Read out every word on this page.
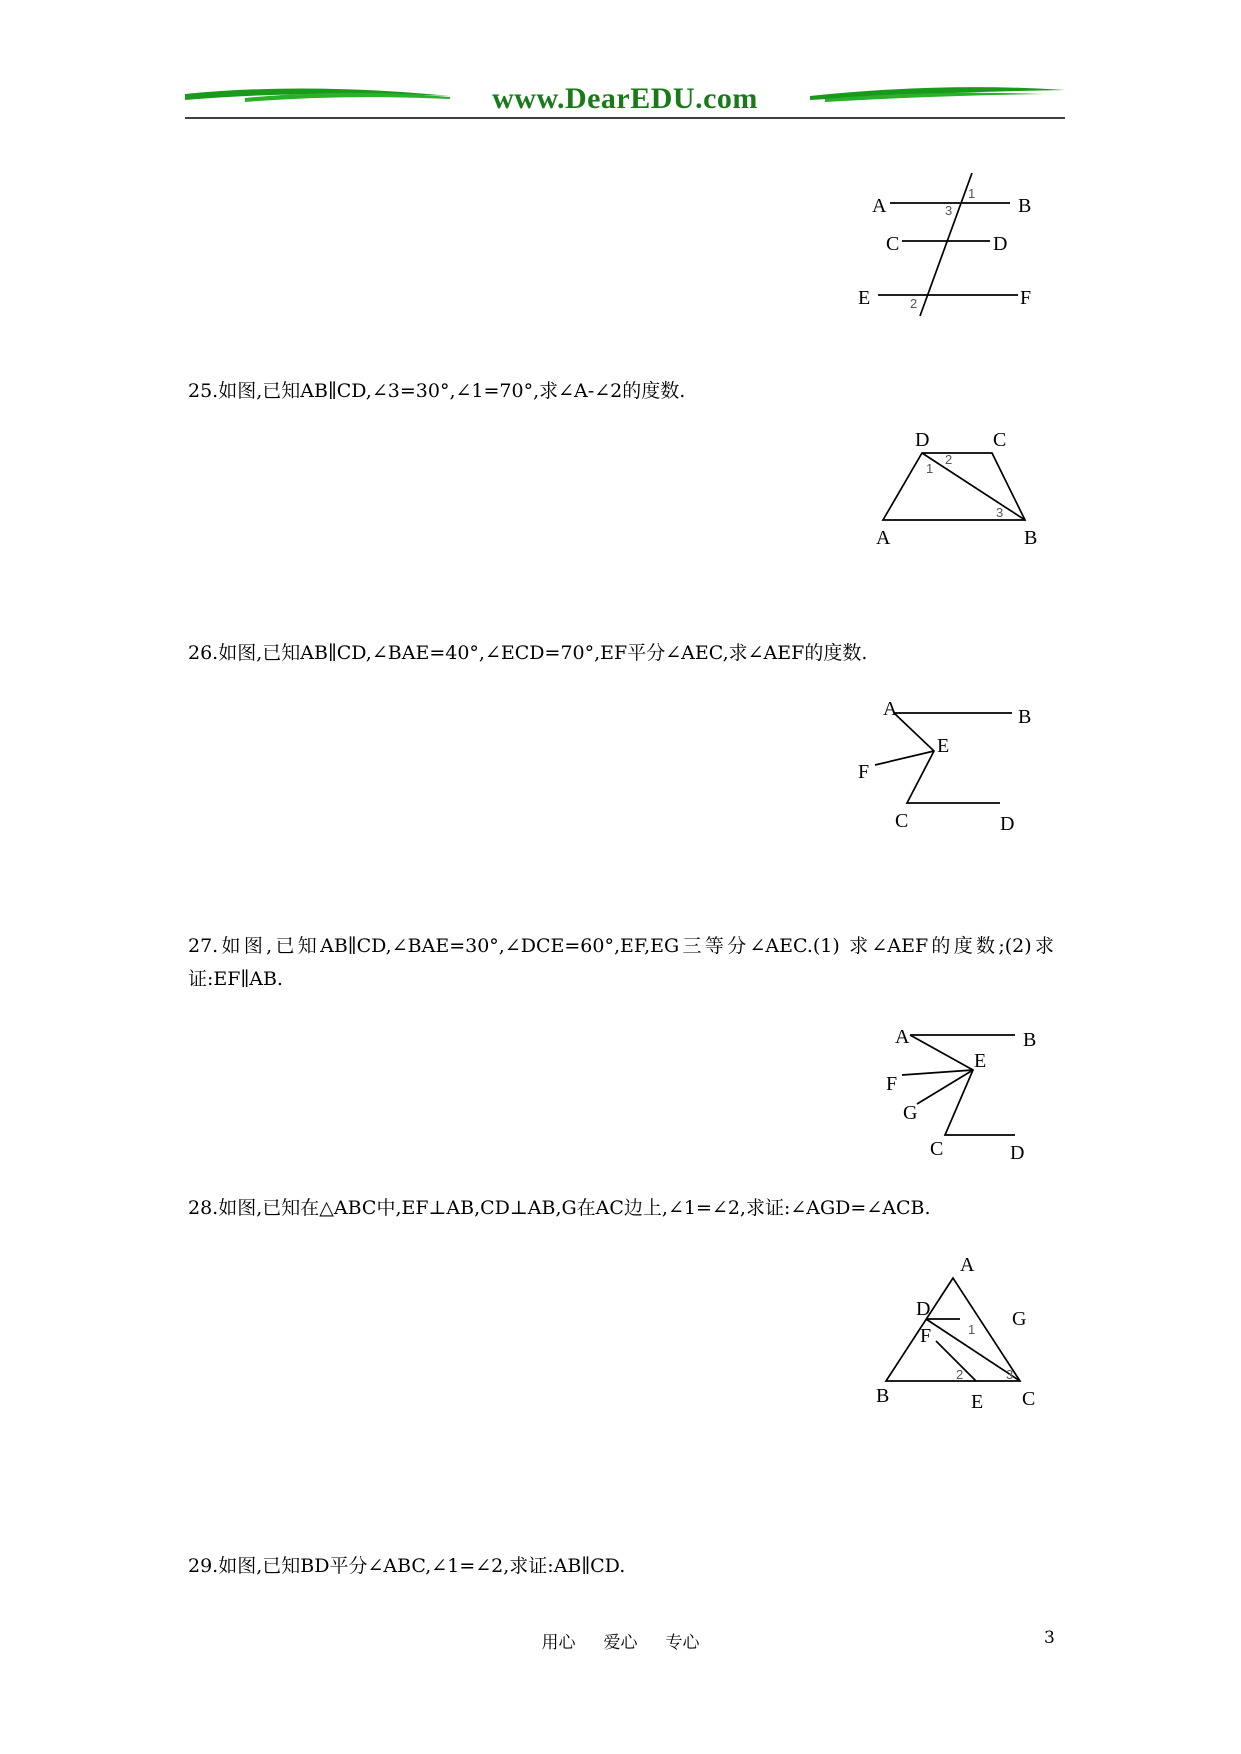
www.DearEDU.com
A	B
C	D
E	F
1
3
2
25.如图,已知AB∥CD,∠3=30°,∠1=70°,求∠A-∠2的度数.
D	C
A	B
1
2
3
26.如图,已知AB∥CD,∠BAE=40°,∠ECD=70°,EF平分∠AEC,求∠AEF的度数.
A	B
E
F
C	D
27.如图,已知AB∥CD,∠BAE=30°,∠DCE=60°,EF,EG三等分∠AEC.(1) 求∠AEF的度数;(2)求证:EF∥AB.
A	B
E
F
G
C	D
28.如图,已知在△ABC中,EF⊥AB,CD⊥AB,G在AC边上,∠1=∠2,求证:∠AGD=∠ACB.
A
D	G
F
B	E C
1
2	3
29.如图,已知BD平分∠ABC,∠1=∠2,求证:AB∥CD.
用心 爱心 专心	3
